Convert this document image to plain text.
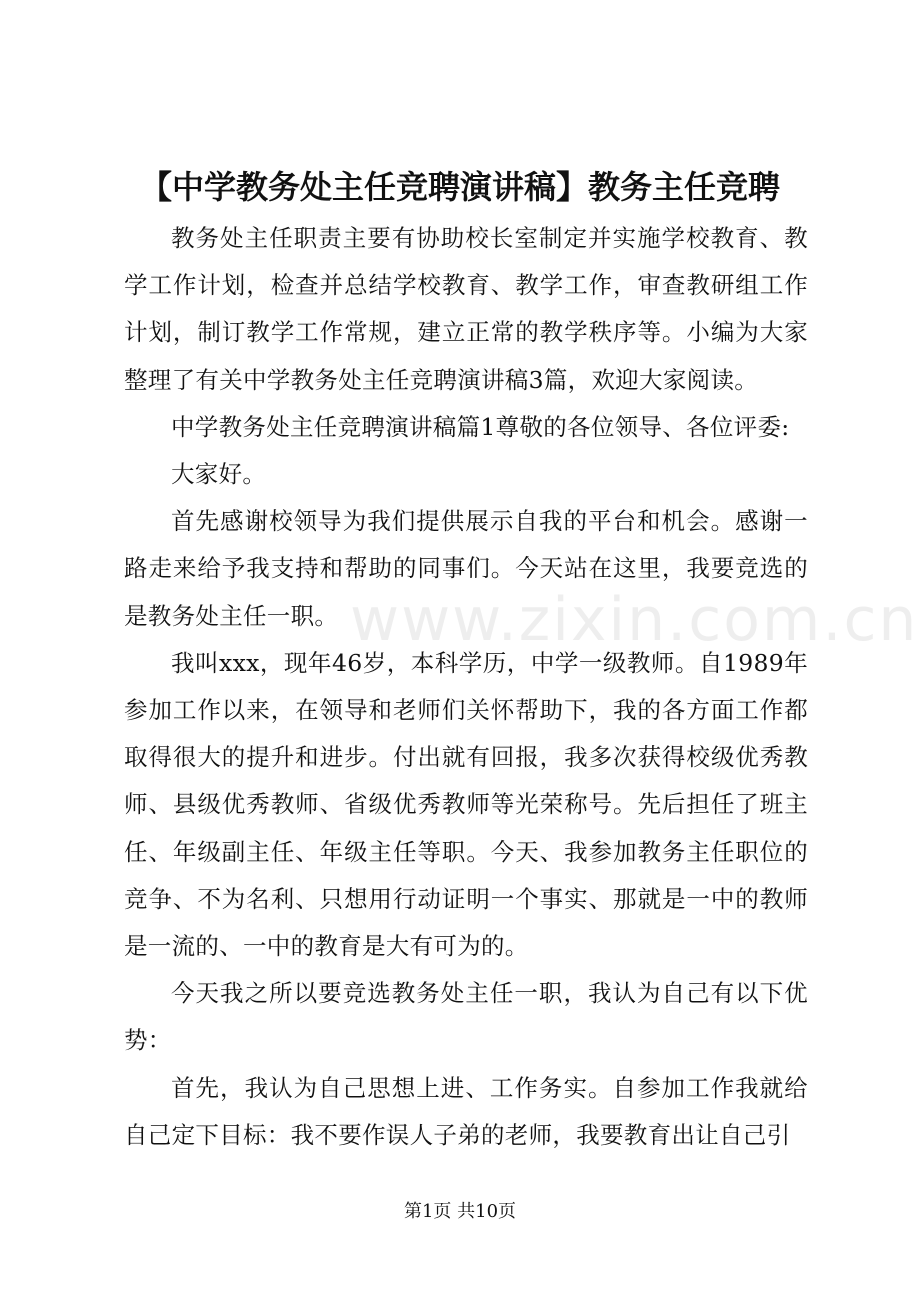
【中学教务处主任竞聘演讲稿】教务主任竞聘

教务处主任职责主要有协助校长室制定并实施学校教育、教学工作计划，检查并总结学校教育、教学工作，审查教研组工作计划，制订教学工作常规，建立正常的教学秩序等。小编为大家整理了有关中学教务处主任竞聘演讲稿3篇，欢迎大家阅读。

中学教务处主任竞聘演讲稿篇1尊敬的各位领导、各位评委:

大家好。

首先感谢校领导为我们提供展示自我的平台和机会。感谢一路走来给予我支持和帮助的同事们。今天站在这里，我要竞选的是教务处主任一职。

我叫xxx，现年46岁，本科学历，中学一级教师。自1989年参加工作以来，在领导和老师们关怀帮助下，我的各方面工作都取得很大的提升和进步。付出就有回报，我多次获得校级优秀教师、县级优秀教师、省级优秀教师等光荣称号。先后担任了班主任、年级副主任、年级主任等职。今天、我参加教务主任职位的竞争、不为名利、只想用行动证明一个事实、那就是一中的教师是一流的、一中的教育是大有可为的。

今天我之所以要竞选教务处主任一职，我认为自己有以下优势：

首先，我认为自己思想上进、工作务实。自参加工作我就给自己定下目标：我不要作误人子弟的老师，我要教育出让自己引

www.zixin.com.cn
第1页 共10页
